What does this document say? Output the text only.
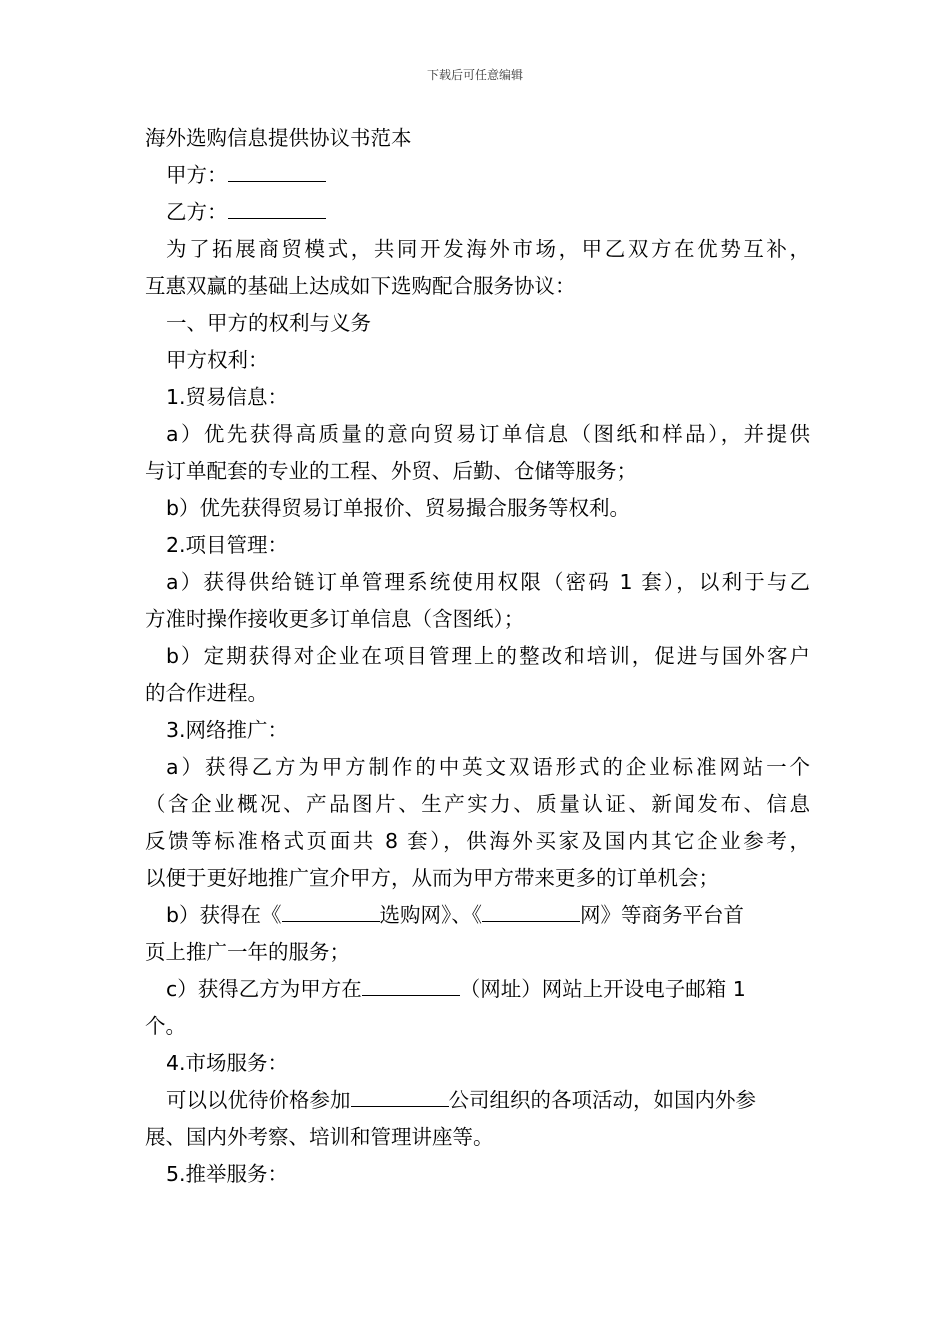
下载后可任意编辑
海外选购信息提供协议书范本
甲方：
乙方：
为了拓展商贸模式，共同开发海外市场，甲乙双方在优势互补，
互惠双赢的基础上达成如下选购配合服务协议：
一、甲方的权利与义务
甲方权利：
1.贸易信息：
a）优先获得高质量的意向贸易订单信息（图纸和样品），并提供
与订单配套的专业的工程、外贸、后勤、仓储等服务；
b）优先获得贸易订单报价、贸易撮合服务等权利。
2.项目管理：
a）获得供给链订单管理系统使用权限（密码 1 套），以利于与乙
方准时操作接收更多订单信息（含图纸）；
b）定期获得对企业在项目管理上的整改和培训，促进与国外客户
的合作进程。
3.网络推广：
a）获得乙方为甲方制作的中英文双语形式的企业标准网站一个
（含企业概况、产品图片、生产实力、质量认证、新闻发布、信息
反馈等标准格式页面共 8 套），供海外买家及国内其它企业参考，
以便于更好地推广宣介甲方，从而为甲方带来更多的订单机会；
b）获得在《	选购网》、《	网》等商务平台首
页上推广一年的服务；
c）获得乙方为甲方在	（网址）网站上开设电子邮箱 1
个。
4.市场服务：
可以以优待价格参加	公司组织的各项活动，如国内外参
展、国内外考察、培训和管理讲座等。
5.推举服务：
